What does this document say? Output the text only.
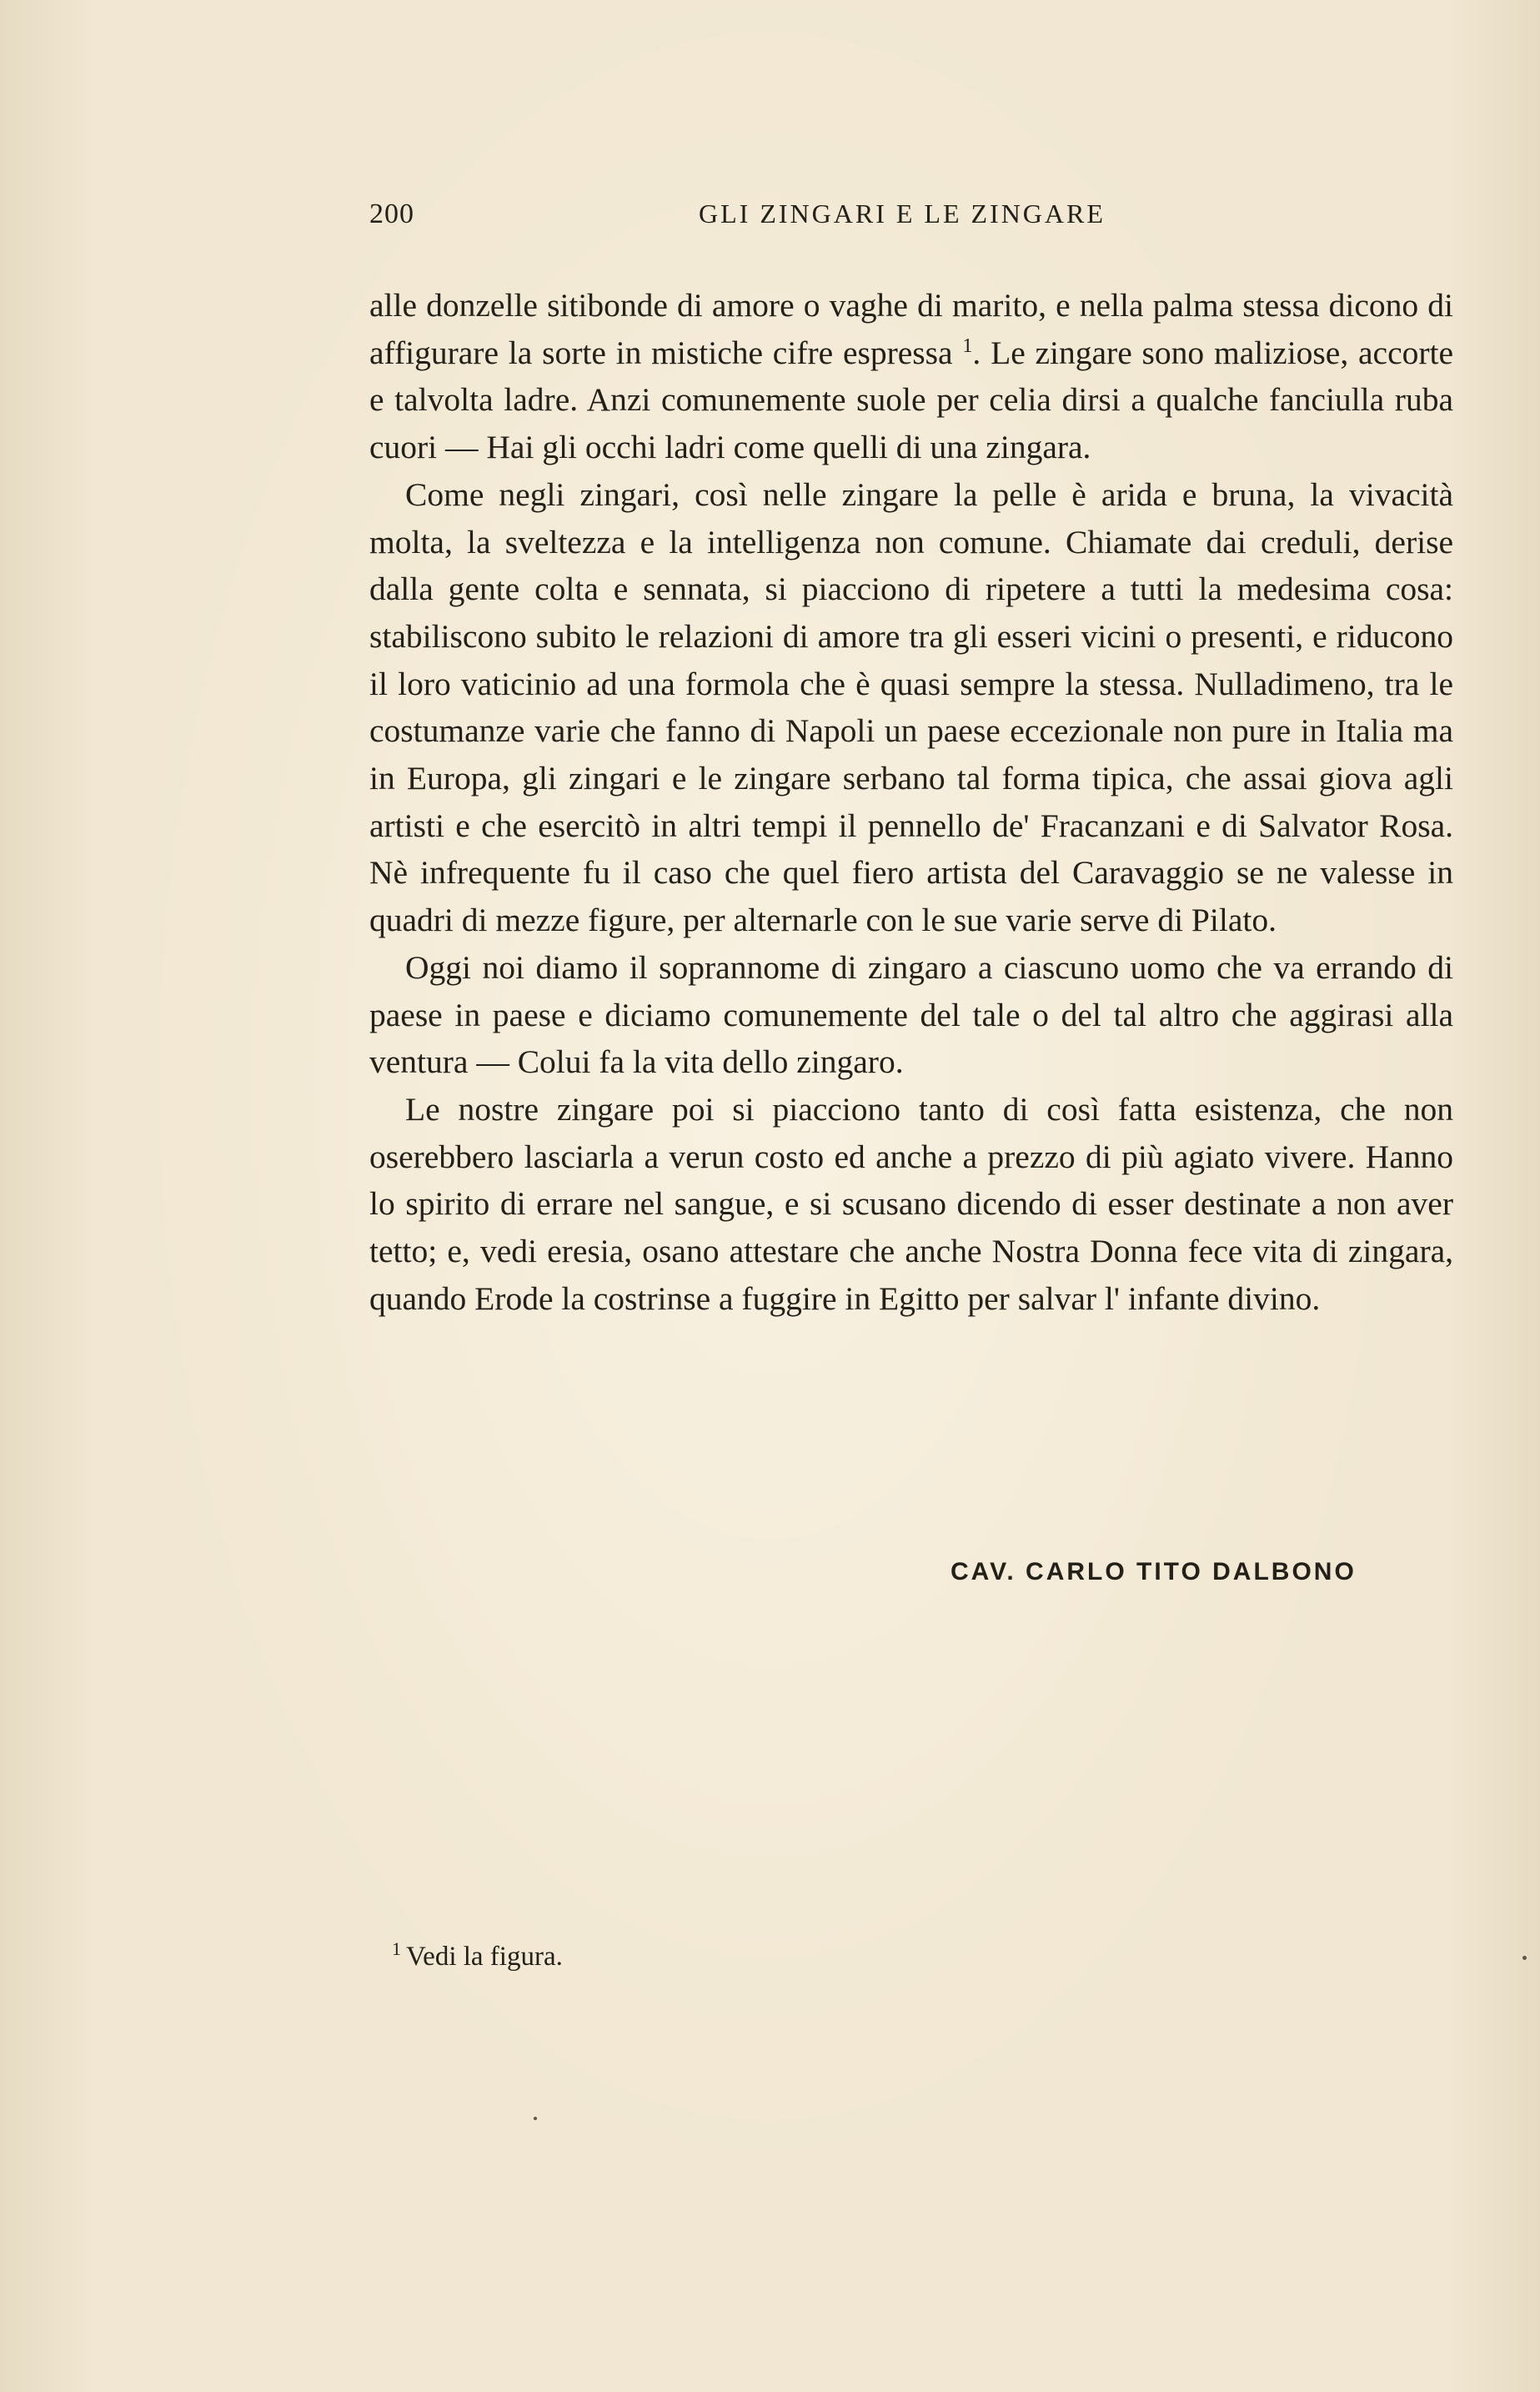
200	GLI ZINGARI E LE ZINGARE

alle donzelle sitibonde di amore o vaghe di marito, e nella palma stessa dicono di affigurare la sorte in mistiche cifre espressa $^1$. Le zingare sono maliziose, accorte e talvolta ladre. Anzi comunemente suole per celia dirsi a qualche fanciulla ruba cuori — Hai gli occhi ladri come quelli di una zingara.

Come negli zingari, così nelle zingare la pelle è arida e bruna, la vivacità molta, la sveltezza e la intelligenza non comune. Chiamate dai creduli, derise dalla gente colta e sennata, si piacciono di ripetere a tutti la medesima cosa: stabiliscono subito le relazioni di amore tra gli esseri vicini o presenti, e riducono il loro vaticinio ad una formola che è quasi sempre la stessa. Nulladimeno, tra le costumanze varie che fanno di Napoli un paese eccezionale non pure in Italia ma in Europa, gli zingari e le zingare serbano tal forma tipica, che assai giova agli artisti e che esercitò in altri tempi il pennello de' Fracanzani e di Salvator Rosa. Nè infrequente fu il caso che quel fiero artista del Caravaggio se ne valesse in quadri di mezze figure, per alternarle con le sue varie serve di Pilato.

Oggi noi diamo il soprannome di zingaro a ciascuno uomo che va errando di paese in paese e diciamo comunemente del tale o del tal altro che aggirasi alla ventura — Colui fa la vita dello zingaro.

Le nostre zingare poi si piacciono tanto di così fatta esistenza, che non oserebbero lasciarla a verun costo ed anche a prezzo di più agiato vivere. Hanno lo spirito di errare nel sangue, e si scusano dicendo di esser destinate a non aver tetto; e, vedi eresia, osano attestare che anche Nostra Donna fece vita di zingara, quando Erode la costrinse a fuggire in Egitto per salvar l' infante divino.

CAV. CARLO TITO DALBONO
$^1$ Vedi la figura.
